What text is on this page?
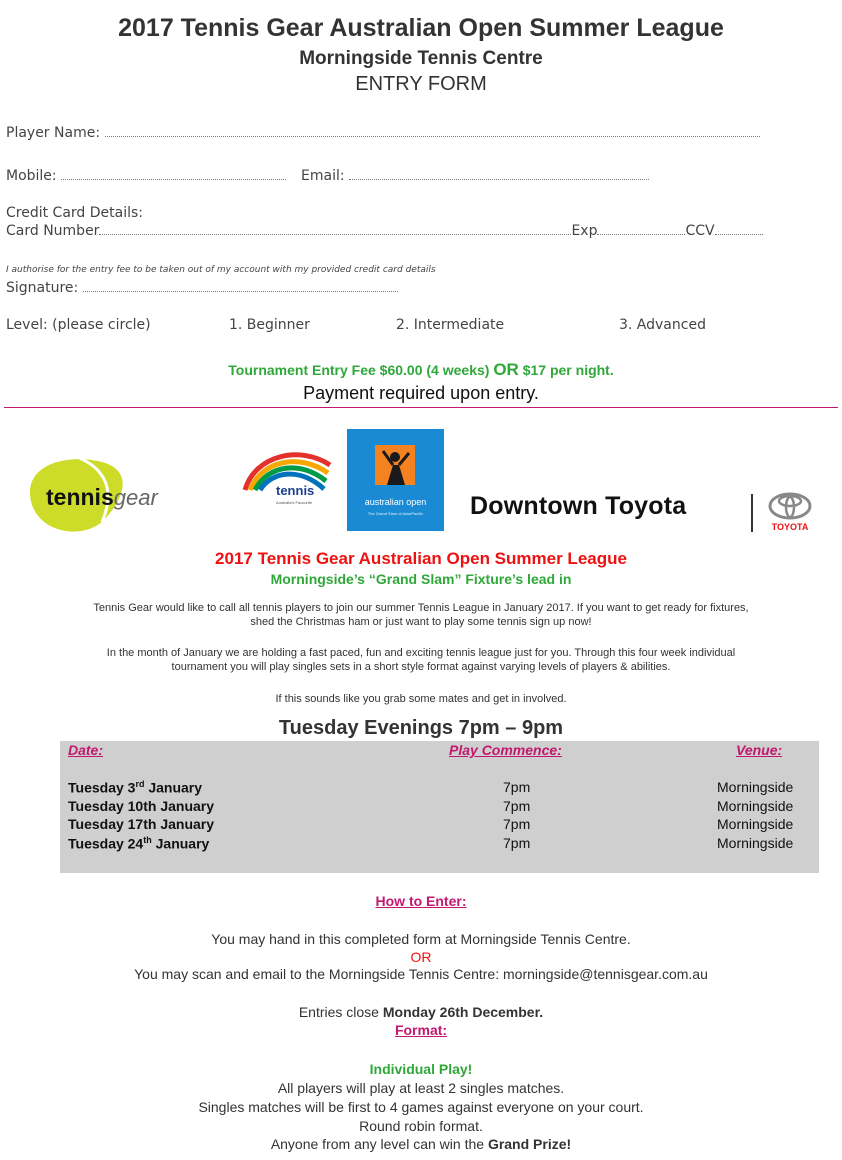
2017 Tennis Gear Australian Open Summer League
Morningside Tennis Centre
ENTRY FORM
Player Name:
Mobile:	Email:
Credit Card Details:
Card Number	Exp	CCV
I authorise for the entry fee to be taken out of my account with my provided credit card details
Signature:
Level: (please circle)	1. Beginner	2. Intermediate	3. Advanced
Tournament Entry Fee $60.00 (4 weeks) OR $17 per night.
Payment required upon entry.
tennisgear	tennis
Australia's Favourite	australian open
The Grand Slam of Asia/Pacific	Downtown Toyota
TOYOTA
2017 Tennis Gear Australian Open Summer League
Morningside’s “Grand Slam” Fixture’s lead in
Tennis Gear would like to call all tennis players to join our summer Tennis League in January 2017. If you want to get ready for fixtures,
shed the Christmas ham or just want to play some tennis sign up now!
In the month of January we are holding a fast paced, fun and exciting tennis league just for you. Through this four week individual
tournament you will play singles sets in a short style format against varying levels of players & abilities.
If this sounds like you grab some mates and get in involved.
Tuesday Evenings 7pm – 9pm
Date:	Play Commence:	Venue:
Tuesday 3rd January	7pm	Morningside
Tuesday 10th January	7pm	Morningside
Tuesday 17th January	7pm	Morningside
Tuesday 24th January	7pm	Morningside
How to Enter:
You may hand in this completed form at Morningside Tennis Centre.
OR
You may scan and email to the Morningside Tennis Centre: morningside@tennisgear.com.au
Entries close Monday 26th December.
Format:
Individual Play!
All players will play at least 2 singles matches.
Singles matches will be first to 4 games against everyone on your court.
Round robin format.
Anyone from any level can win the Grand Prize!
